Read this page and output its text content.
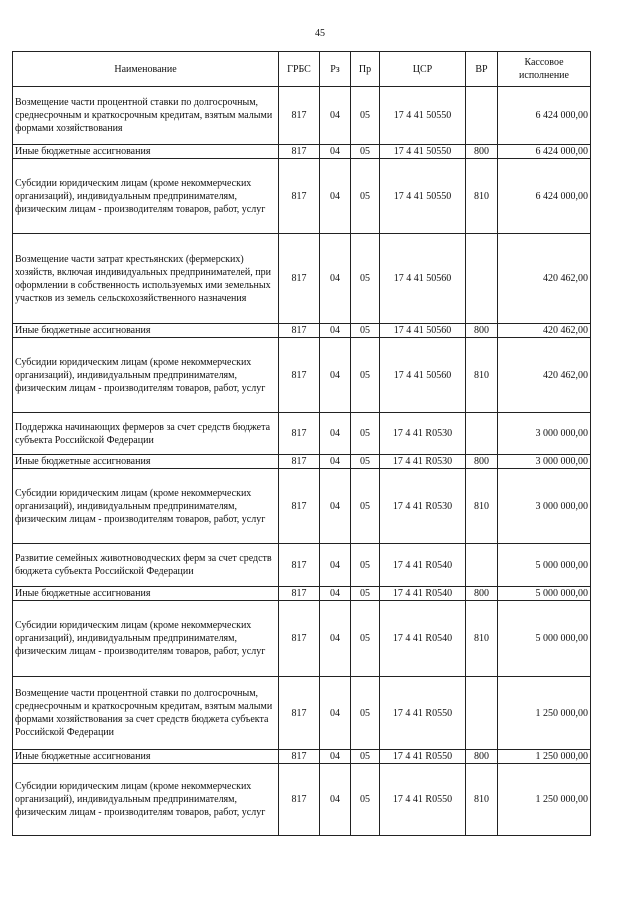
45
Наименование	ГРБС	Рз	Пр	ЦСР	ВР	Кассовое исполнение
Возмещение части процентной ставки по долгосрочным, среднесрочным и краткосрочным кредитам, взятым малыми формами хозяйствования	817	04	05	17 4 41 50550		6 424 000,00
Иные бюджетные ассигнования	817	04	05	17 4 41 50550	800	6 424 000,00
Субсидии юридическим лицам (кроме некоммерческих организаций), индивидуальным предпринимателям, физическим лицам - производителям товаров, работ, услуг	817	04	05	17 4 41 50550	810	6 424 000,00
Возмещение части затрат крестьянских (фермерских) хозяйств, включая индивидуальных предпринимателей, при оформлении в собственность используемых ими земельных участков из земель сельскохозяйственного назначения	817	04	05	17 4 41 50560		420 462,00
Иные бюджетные ассигнования	817	04	05	17 4 41 50560	800	420 462,00
Субсидии юридическим лицам (кроме некоммерческих организаций), индивидуальным предпринимателям, физическим лицам - производителям товаров, работ, услуг	817	04	05	17 4 41 50560	810	420 462,00
Поддержка начинающих фермеров за счет средств бюджета субъекта Российской Федерации	817	04	05	17 4 41 R0530		3 000 000,00
Иные бюджетные ассигнования	817	04	05	17 4 41 R0530	800	3 000 000,00
Субсидии юридическим лицам (кроме некоммерческих организаций), индивидуальным предпринимателям, физическим лицам - производителям товаров, работ, услуг	817	04	05	17 4 41 R0530	810	3 000 000,00
Развитие семейных животноводческих ферм за счет средств бюджета субъекта Российской Федерации	817	04	05	17 4 41 R0540		5 000 000,00
Иные бюджетные ассигнования	817	04	05	17 4 41 R0540	800	5 000 000,00
Субсидии юридическим лицам (кроме некоммерческих организаций), индивидуальным предпринимателям, физическим лицам - производителям товаров, работ, услуг	817	04	05	17 4 41 R0540	810	5 000 000,00
Возмещение части процентной ставки по долгосрочным, среднесрочным и краткосрочным кредитам, взятым малыми формами хозяйствования за счет средств бюджета субъекта Российской Федерации	817	04	05	17 4 41 R0550		1 250 000,00
Иные бюджетные ассигнования	817	04	05	17 4 41 R0550	800	1 250 000,00
Субсидии юридическим лицам (кроме некоммерческих организаций), индивидуальным предпринимателям, физическим лицам - производителям товаров, работ, услуг	817	04	05	17 4 41 R0550	810	1 250 000,00
